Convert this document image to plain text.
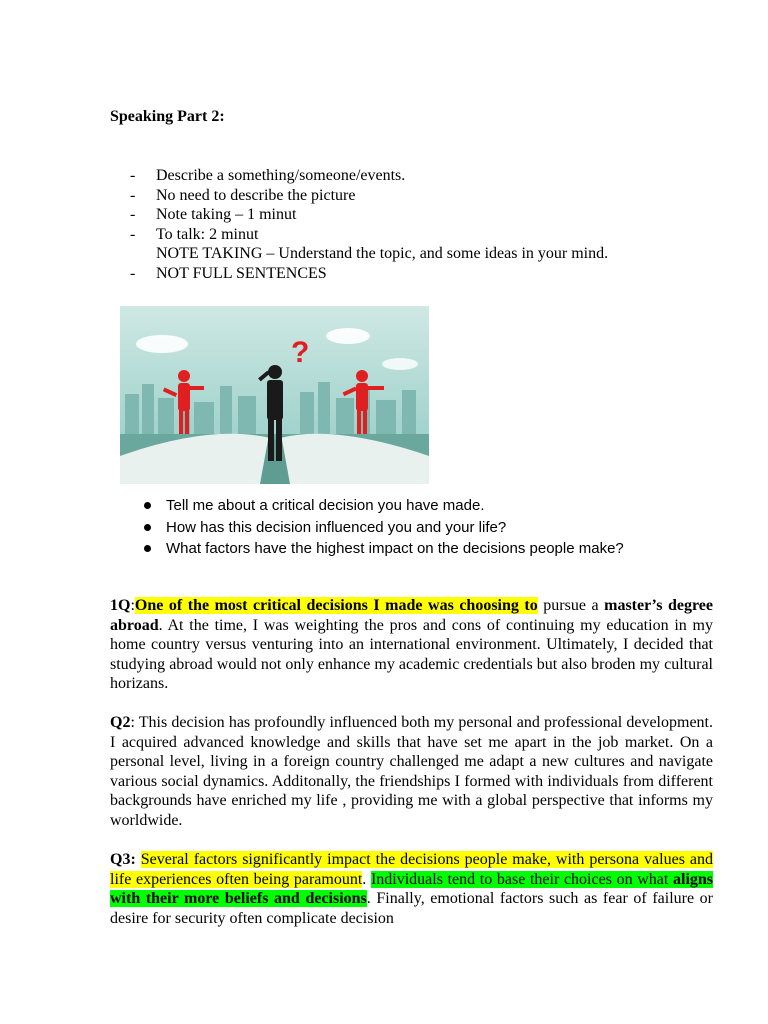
Speaking Part 2:
-	Describe a something/someone/events.
-	No need to describe the picture
-	Note taking – 1 minut
-	To talk: 2 minut
NOTE TAKING – Understand the topic, and some ideas in your mind.
-	NOT FULL SENTENCES
?
Tell me about a critical decision you have made.
How has this decision influenced you and your life?
What factors have the highest impact on the decisions people make?

1Q:One of the most critical decisions I made was choosing to pursue a master’s degree abroad. At the time, I was weighting the pros and cons of continuing my education in my home country versus venturing into an international environment. Ultimately, I decided that studying abroad would not only enhance my academic credentials but also broden my cultural horizans.

Q2: This decision has profoundly influenced both my personal and professional development. I acquired advanced knowledge and skills that have set me apart in the job market. On a personal level, living in a foreign country challenged me adapt a new cultures and navigate various social dynamics. Additonally, the friendships I formed with individuals from different backgrounds have enriched my life , providing me with a global perspective that informs my worldwide.

Q3: Several factors significantly impact the decisions people make, with persona values and life experiences often being paramount. Individuals tend to base their choices on what aligns with their more beliefs and decisions. Finally, emotional factors such as fear of failure or desire for security often complicate decision
